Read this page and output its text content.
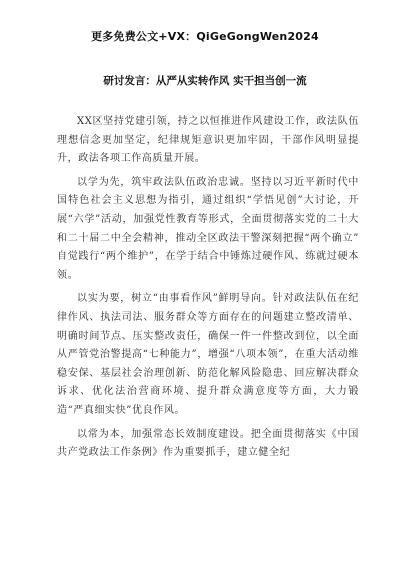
更多免费公文+VX：QiGeGongWen2024
研讨发言：从严从实转作风 实干担当创一流

XX区坚持党建引领，持之以恒推进作风建设工作，政法队伍理想信念更加坚定，纪律规矩意识更加牢固，干部作风明显提升，政法各项工作高质量开展。

以学为先，筑牢政法队伍政治忠诚。坚持以习近平新时代中国特色社会主义思想为指引，通过组织“学悟见创”大讨论，开展“六学”活动，加强党性教育等形式，全面贯彻落实党的二十大和二十届二中全会精神，推动全区政法干警深刻把握“两个确立” 自觉践行“两个维护”，在学于结合中锤炼过硬作风、练就过硬本领。

以实为要，树立“由事看作风”鲜明导向。针对政法队伍在纪律作风、执法司法、服务群众等方面存在的问题建立整改清单、明确时间节点、压实整改责任，确保一件一件整改到位，以全面从严管党治警提高“七种能力”，增强“八项本领”，在重大活动维稳安保、基层社会治理创新、防范化解风险隐患、回应解决群众诉求、优化法治营商环境、提升群众满意度等方面，大力锻造“严真细实快”优良作风。

以常为本，加强常态长效制度建设。把全面贯彻落实《中国共产党政法工作条例》作为重要抓手，建立健全纪
